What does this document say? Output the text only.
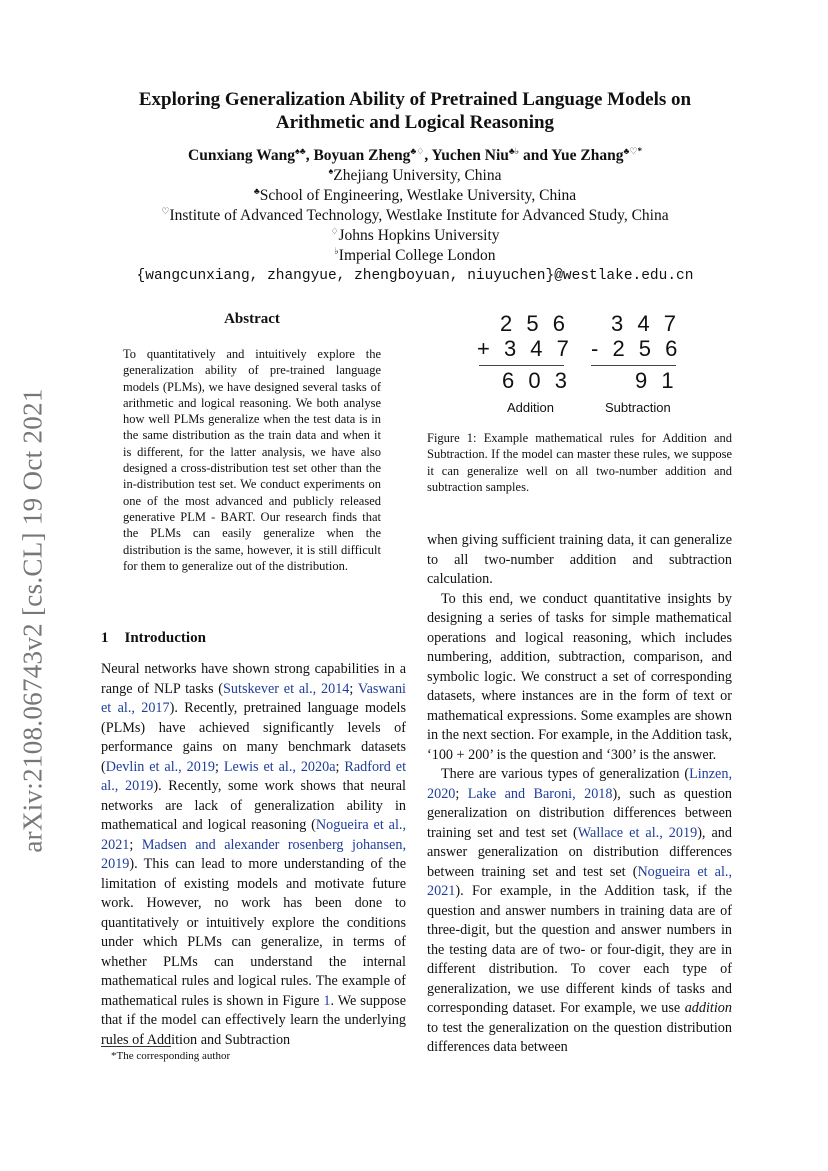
arXiv:2108.06743v2 [cs.CL] 19 Oct 2021
Exploring Generalization Ability of Pretrained Language Models on Arithmetic and Logical Reasoning
Cunxiang Wang♠♣, Boyuan Zheng♣♢, Yuchen Niu♣♭ and Yue Zhang♣♡*
♠Zhejiang University, China
♣School of Engineering, Westlake University, China
♡Institute of Advanced Technology, Westlake Institute for Advanced Study, China
♢Johns Hopkins University
♭Imperial College London
{wangcunxiang, zhangyue, zhengboyuan, niuyuchen}@westlake.edu.cn
Abstract
To quantitatively and intuitively explore the generalization ability of pre-trained language models (PLMs), we have designed several tasks of arithmetic and logical reasoning. We both analyse how well PLMs generalize when the test data is in the same distribution as the train data and when it is different, for the latter analysis, we have also designed a cross-distribution test set other than the in-distribution test set. We conduct experiments on one of the most advanced and publicly released generative PLM - BART. Our research finds that the PLMs can easily generalize when the distribution is the same, however, it is still difficult for them to generalize out of the distribution.
2 5 6
+ 3 4 7
6 0 3
Addition
3 4 7
- 2 5 6
9 1
Subtraction
Figure 1: Example mathematical rules for Addition and Subtraction. If the model can master these rules, we suppose it can generalize well on all two-number addition and subtraction samples.
1 Introduction

Neural networks have shown strong capabilities in a range of NLP tasks (Sutskever et al., 2014; Vaswani et al., 2017). Recently, pretrained language models (PLMs) have achieved significantly levels of performance gains on many benchmark datasets (Devlin et al., 2019; Lewis et al., 2020a; Radford et al., 2019). Recently, some work shows that neural networks are lack of generalization ability in mathematical and logical reasoning (Nogueira et al., 2021; Madsen and alexander rosenberg johansen, 2019). This can lead to more understanding of the limitation of existing models and motivate future work. However, no work has been done to quantitatively or intuitively explore the conditions under which PLMs can generalize, in terms of whether PLMs can understand the internal mathematical rules and logical rules. The example of mathematical rules is shown in Figure 1. We suppose that if the model can effectively learn the underlying rules of Addition and Subtraction

*The corresponding author

when giving sufficient training data, it can generalize to all two-number addition and subtraction calculation.

To this end, we conduct quantitative insights by designing a series of tasks for simple mathematical operations and logical reasoning, which includes numbering, addition, subtraction, comparison, and symbolic logic. We construct a set of corresponding datasets, where instances are in the form of text or mathematical expressions. Some examples are shown in the next section. For example, in the Addition task, ‘100 + 200’ is the question and ‘300’ is the answer.

There are various types of generalization (Linzen, 2020; Lake and Baroni, 2018), such as question generalization on distribution differences between training set and test set (Wallace et al., 2019), and answer generalization on distribution differences between training set and test set (Nogueira et al., 2021). For example, in the Addition task, if the question and answer numbers in training data are of three-digit, but the question and answer numbers in the testing data are of two- or four-digit, they are in different distribution. To cover each type of generalization, we use different kinds of tasks and corresponding dataset. For example, we use addition to test the generalization on the question distribution differences data between
